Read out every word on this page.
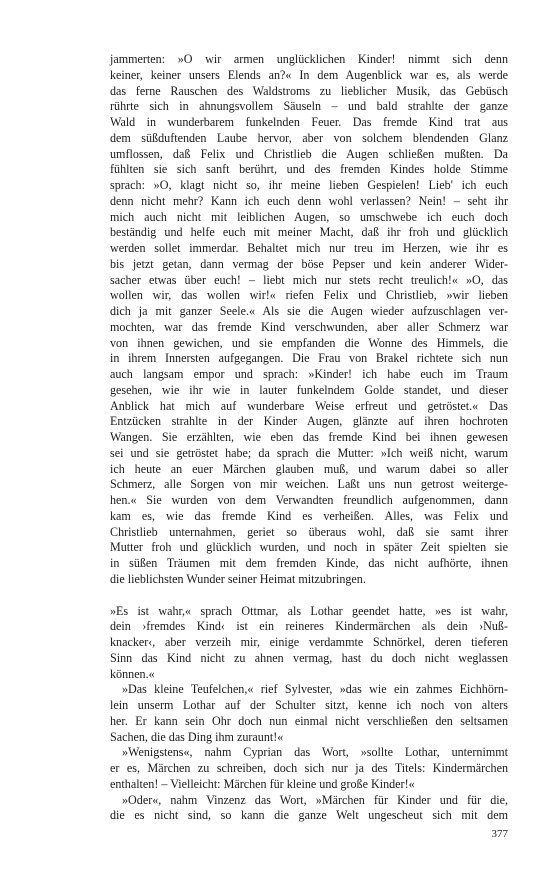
jammerten: »O wir armen unglücklichen Kinder! nimmt sich denn
keiner, keiner unsers Elends an?« In dem Augenblick war es, als werde
das ferne Rauschen des Waldstroms zu lieblicher Musik, das Gebüsch
rührte sich in ahnungsvollem Säuseln – und bald strahlte der ganze
Wald in wunderbarem funkelnden Feuer. Das fremde Kind trat aus
dem süßduftenden Laube hervor, aber von solchem blendenden Glanz
umflossen, daß Felix und Christlieb die Augen schließen mußten. Da
fühlten sie sich sanft berührt, und des fremden Kindes holde Stimme
sprach: »O, klagt nicht so, ihr meine lieben Gespielen! Lieb' ich euch
denn nicht mehr? Kann ich euch denn wohl verlassen? Nein! – seht ihr
mich auch nicht mit leiblichen Augen, so umschwebe ich euch doch
beständig und helfe euch mit meiner Macht, daß ihr froh und glücklich
werden sollet immerdar. Behaltet mich nur treu im Herzen, wie ihr es
bis jetzt getan, dann vermag der böse Pepser und kein anderer Wider-
sacher etwas über euch! – liebt mich nur stets recht treulich!« »O, das
wollen wir, das wollen wir!« riefen Felix und Christlieb, »wir lieben
dich ja mit ganzer Seele.« Als sie die Augen wieder aufzuschlagen ver-
mochten, war das fremde Kind verschwunden, aber aller Schmerz war
von ihnen gewichen, und sie empfanden die Wonne des Himmels, die
in ihrem Innersten aufgegangen. Die Frau von Brakel richtete sich nun
auch langsam empor und sprach: »Kinder! ich habe euch im Traum
gesehen, wie ihr wie in lauter funkelndem Golde standet, und dieser
Anblick hat mich auf wunderbare Weise erfreut und getröstet.« Das
Entzücken strahlte in der Kinder Augen, glänzte auf ihren hochroten
Wangen. Sie erzählten, wie eben das fremde Kind bei ihnen gewesen
sei und sie getröstet habe; da sprach die Mutter: »Ich weiß nicht, warum
ich heute an euer Märchen glauben muß, und warum dabei so aller
Schmerz, alle Sorgen von mir weichen. Laßt uns nun getrost weiterge-
hen.« Sie wurden von dem Verwandten freundlich aufgenommen, dann
kam es, wie das fremde Kind es verheißen. Alles, was Felix und
Christlieb unternahmen, geriet so überaus wohl, daß sie samt ihrer
Mutter froh und glücklich wurden, und noch in später Zeit spielten sie
in süßen Träumen mit dem fremden Kinde, das nicht aufhörte, ihnen
die lieblichsten Wunder seiner Heimat mitzubringen.

»Es ist wahr,« sprach Ottmar, als Lothar geendet hatte, »es ist wahr,
dein ›fremdes Kind‹ ist ein reineres Kindermärchen als dein ›Nuß-
knacker‹, aber verzeih mir, einige verdammte Schnörkel, deren tieferen
Sinn das Kind nicht zu ahnen vermag, hast du doch nicht weglassen
können.«

»Das kleine Teufelchen,« rief Sylvester, »das wie ein zahmes Eichhörn-
lein unserm Lothar auf der Schulter sitzt, kenne ich noch von alters
her. Er kann sein Ohr doch nun einmal nicht verschließen den seltsamen
Sachen, die das Ding ihm zuraunt!«

»Wenigstens«, nahm Cyprian das Wort, »sollte Lothar, unternimmt
er es, Märchen zu schreiben, doch sich nur ja des Titels: Kindermärchen
enthalten! – Vielleicht: Märchen für kleine und große Kinder!«

»Oder«, nahm Vinzenz das Wort, »Märchen für Kinder und für die,
die es nicht sind, so kann die ganze Welt ungescheut sich mit dem

377
